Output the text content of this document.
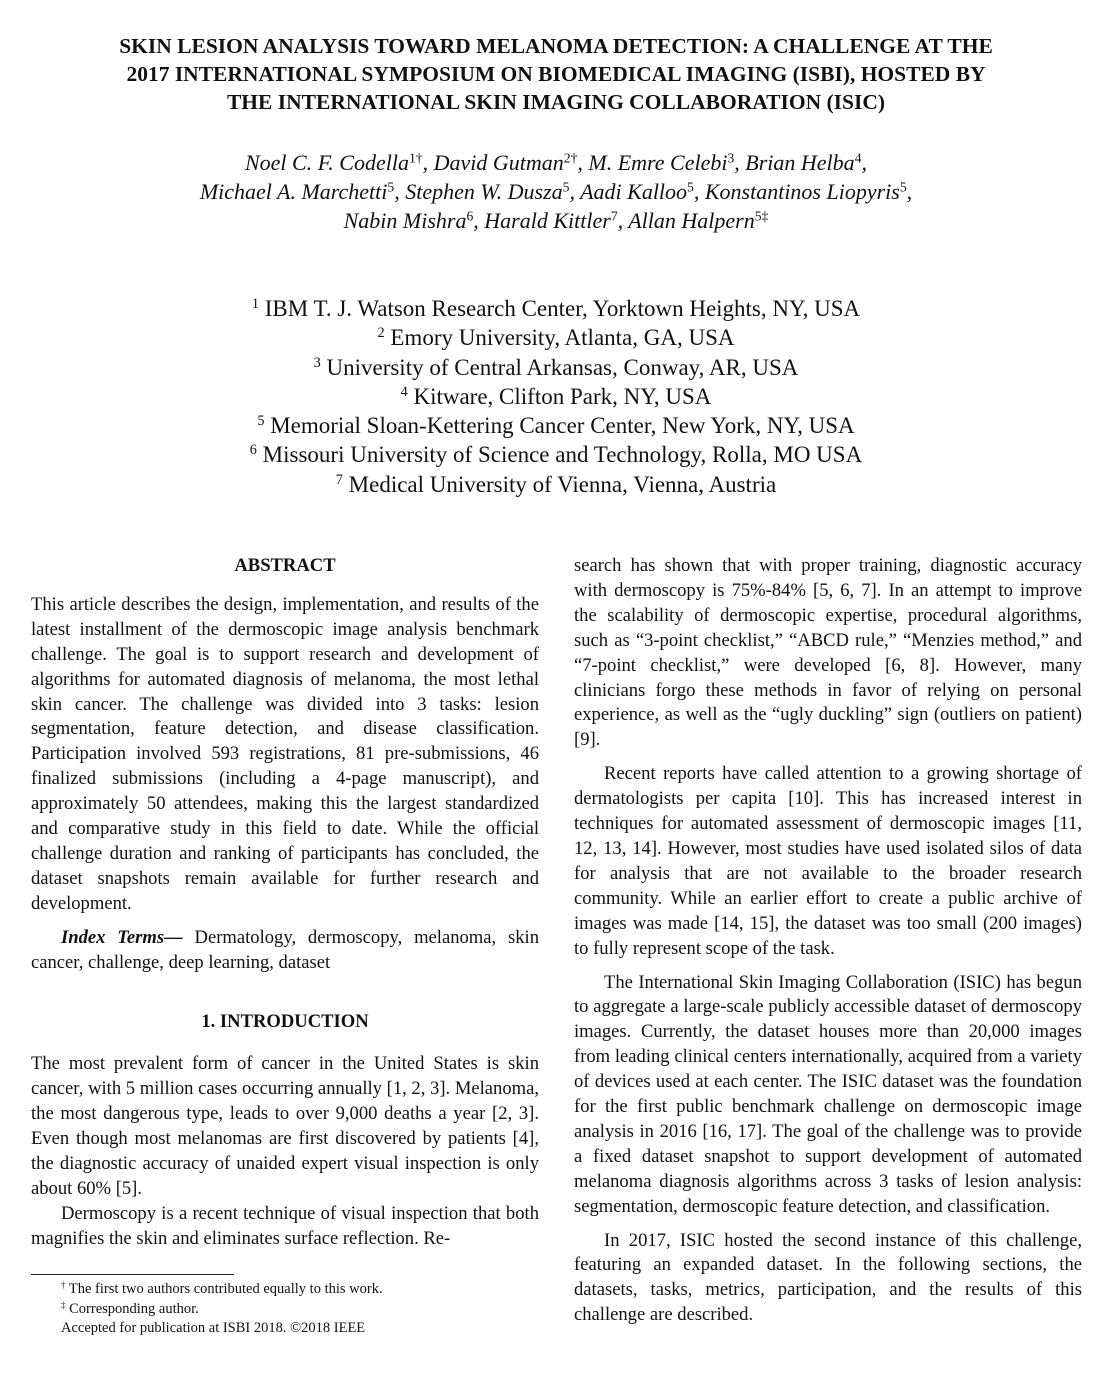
SKIN LESION ANALYSIS TOWARD MELANOMA DETECTION: A CHALLENGE AT THE
2017 INTERNATIONAL SYMPOSIUM ON BIOMEDICAL IMAGING (ISBI), HOSTED BY
THE INTERNATIONAL SKIN IMAGING COLLABORATION (ISIC)
Noel C. F. Codella$^{1\dagger}$, David Gutman$^{2\dagger}$, M. Emre Celebi$^3$, Brian Helba$^4$,
Michael A. Marchetti$^5$, Stephen W. Dusza$^5$, Aadi Kalloo$^5$, Konstantinos Liopyris$^5$,
Nabin Mishra$^6$, Harald Kittler$^7$, Allan Halpern$^{5\ddagger}$
$^1$ IBM T. J. Watson Research Center, Yorktown Heights, NY, USA
$^2$ Emory University, Atlanta, GA, USA
$^3$ University of Central Arkansas, Conway, AR, USA
$^4$ Kitware, Clifton Park, NY, USA
$^5$ Memorial Sloan-Kettering Cancer Center, New York, NY, USA
$^6$ Missouri University of Science and Technology, Rolla, MO USA
$^7$ Medical University of Vienna, Vienna, Austria
ABSTRACT

This article describes the design, implementation, and results of the latest installment of the dermoscopic image analysis benchmark challenge. The goal is to support research and development of algorithms for automated diagnosis of melanoma, the most lethal skin cancer. The challenge was divided into 3 tasks: lesion segmentation, feature detection, and disease classification. Participation involved 593 registrations, 81 pre-submissions, 46 finalized submissions (including a 4-page manuscript), and approximately 50 attendees, making this the largest standardized and comparative study in this field to date. While the official challenge duration and ranking of participants has concluded, the dataset snapshots remain available for further research and development.

Index Terms— Dermatology, dermoscopy, melanoma, skin cancer, challenge, deep learning, dataset

1. INTRODUCTION

The most prevalent form of cancer in the United States is skin cancer, with 5 million cases occurring annually [1, 2, 3]. Melanoma, the most dangerous type, leads to over 9,000 deaths a year [2, 3]. Even though most melanomas are first discovered by patients [4], the diagnostic accuracy of unaided expert visual inspection is only about 60% [5].

Dermoscopy is a recent technique of visual inspection that both magnifies the skin and eliminates surface reflection. Re-

search has shown that with proper training, diagnostic accuracy with dermoscopy is 75%-84% [5, 6, 7]. In an attempt to improve the scalability of dermoscopic expertise, procedural algorithms, such as “3-point checklist,” “ABCD rule,” “Menzies method,” and “7-point checklist,” were developed [6, 8]. However, many clinicians forgo these methods in favor of relying on personal experience, as well as the “ugly duckling” sign (outliers on patient) [9].

Recent reports have called attention to a growing shortage of dermatologists per capita [10]. This has increased interest in techniques for automated assessment of dermoscopic images [11, 12, 13, 14]. However, most studies have used isolated silos of data for analysis that are not available to the broader research community. While an earlier effort to create a public archive of images was made [14, 15], the dataset was too small (200 images) to fully represent scope of the task.

The International Skin Imaging Collaboration (ISIC) has begun to aggregate a large-scale publicly accessible dataset of dermoscopy images. Currently, the dataset houses more than 20,000 images from leading clinical centers internationally, acquired from a variety of devices used at each center. The ISIC dataset was the foundation for the first public benchmark challenge on dermoscopic image analysis in 2016 [16, 17]. The goal of the challenge was to provide a fixed dataset snapshot to support development of automated melanoma diagnosis algorithms across 3 tasks of lesion analysis: segmentation, dermoscopic feature detection, and classification.

In 2017, ISIC hosted the second instance of this challenge, featuring an expanded dataset. In the following sections, the datasets, tasks, metrics, participation, and the results of this challenge are described.

† The first two authors contributed equally to this work.
‡ Corresponding author.
Accepted for publication at ISBI 2018. ©2018 IEEE
